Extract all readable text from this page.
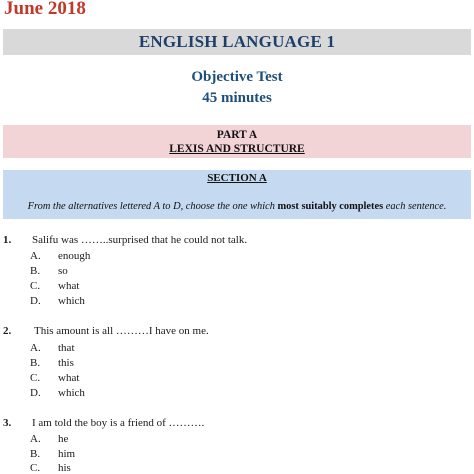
June 2018
ENGLISH LANGUAGE 1
Objective Test
45 minutes
PART A
LEXIS AND STRUCTURE
SECTION A
From the alternatives lettered A to D, choose the one which most suitably completes each sentence.
1. Salifu was ……..surprised that he could not talk.
A. enough
B. so
C. what
D. which
2. This amount is all ………I have on me.
A. that
B. this
C. what
D. which
3. I am told the boy is a friend of ……….
A. he
B. him
C. his
